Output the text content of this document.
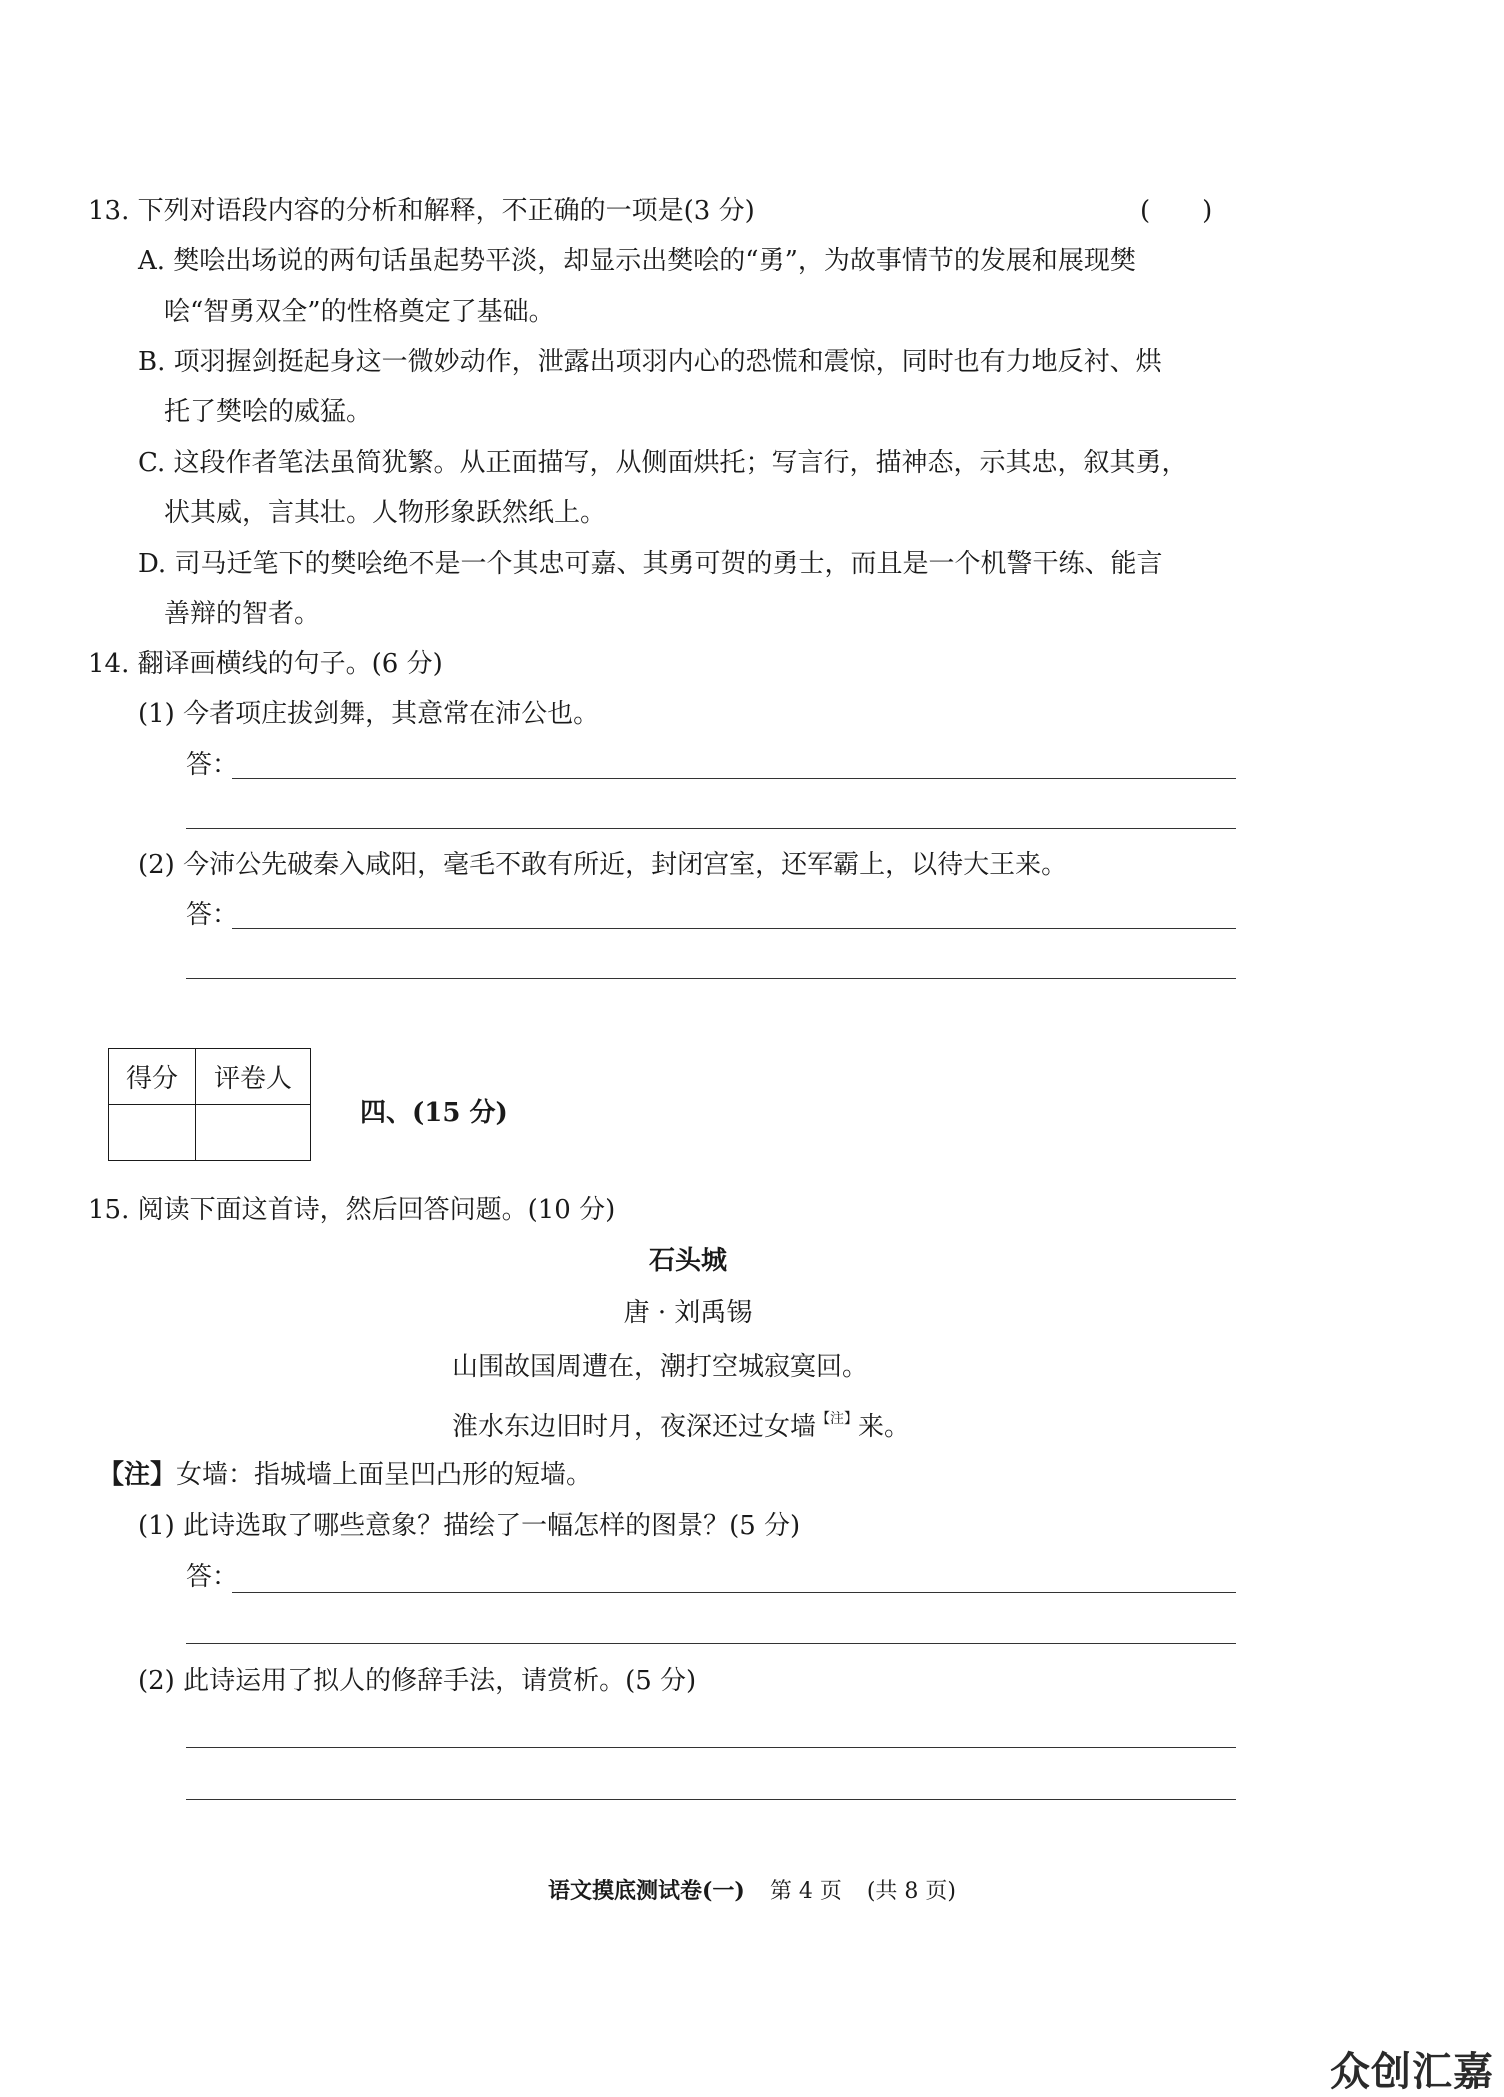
13. 下列对语段内容的分析和解释，不正确的一项是(3 分)	(　　)
A. 樊哙出场说的两句话虽起势平淡，却显示出樊哙的“勇”，为故事情节的发展和展现樊
哙“智勇双全”的性格奠定了基础。
B. 项羽握剑挺起身这一微妙动作，泄露出项羽内心的恐慌和震惊，同时也有力地反衬、烘
托了樊哙的威猛。
C. 这段作者笔法虽简犹繁。从正面描写，从侧面烘托；写言行，描神态，示其忠，叙其勇，
状其威，言其壮。人物形象跃然纸上。
D. 司马迁笔下的樊哙绝不是一个其忠可嘉、其勇可贺的勇士，而且是一个机警干练、能言
善辩的智者。
14. 翻译画横线的句子。(6 分)
(1) 今者项庄拔剑舞，其意常在沛公也。
答：
(2) 今沛公先破秦入咸阳，毫毛不敢有所近，封闭宫室，还军霸上，以待大王来。
答：
得分	评卷人

四、(15 分)
15. 阅读下面这首诗，然后回答问题。(10 分)
石头城
唐 · 刘禹锡
山围故国周遭在，潮打空城寂寞回。
淮水东边旧时月，夜深还过女墙$^{【注】}$来。
【注】女墙：指城墙上面呈凹凸形的短墙。
(1) 此诗选取了哪些意象？描绘了一幅怎样的图景？(5 分)
答：
(2) 此诗运用了拟人的修辞手法，请赏析。(5 分)
语文摸底测试卷(一) 第 4 页 (共 8 页)
众创汇嘉
